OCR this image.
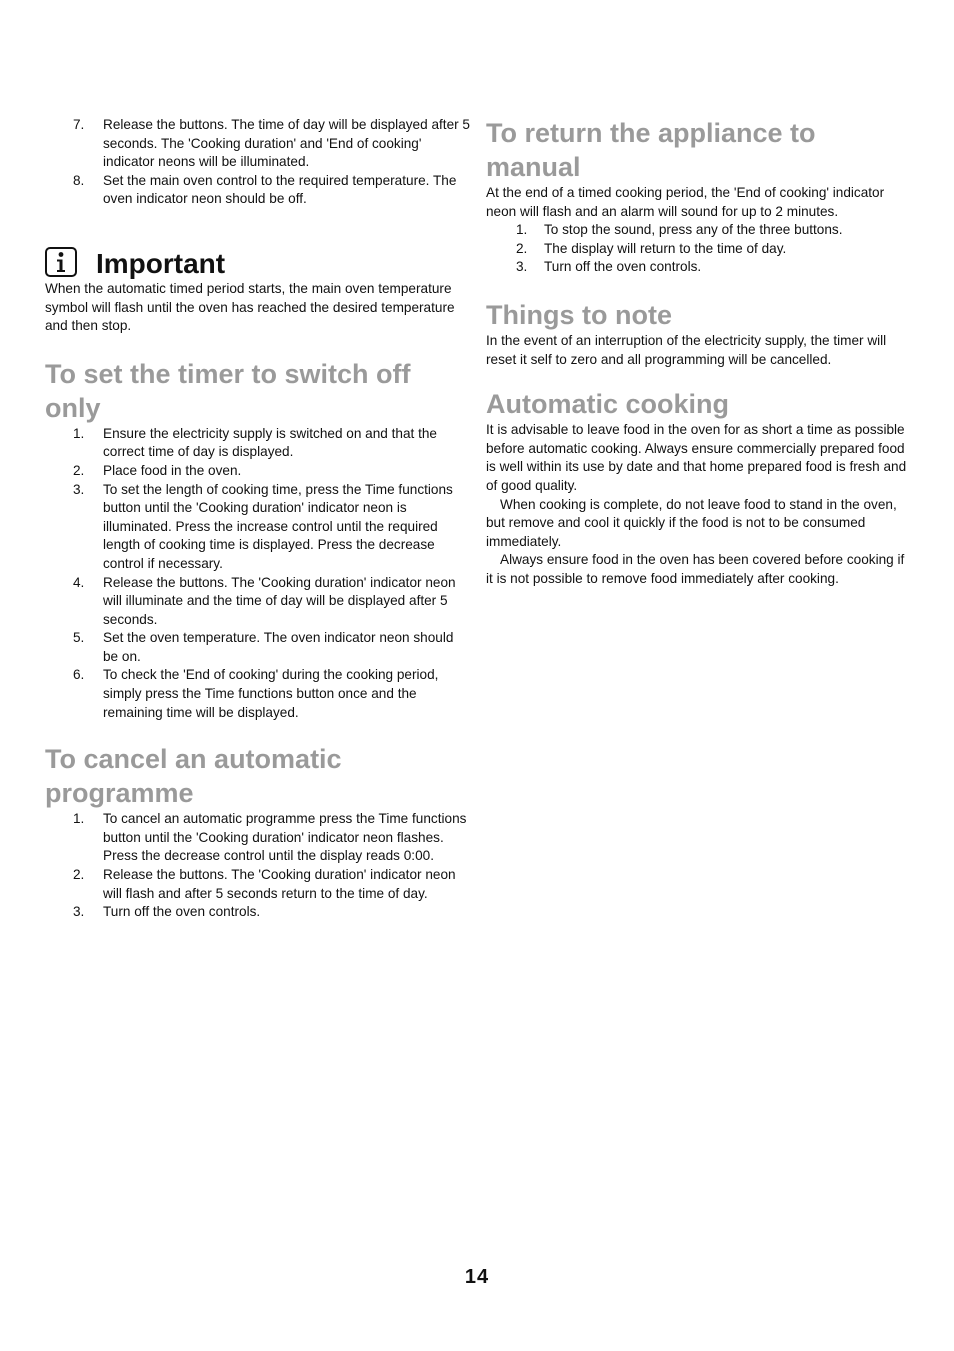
7. Release the buttons. The time of day will be displayed after 5 seconds. The 'Cooking duration' and 'End of cooking' indicator neons will be illuminated.
8. Set the main oven control to the required temperature. The oven indicator neon should be off.
Important

When the automatic timed period starts, the main oven temperature symbol will flash until the oven has reached the desired temperature and then stop.

To set the timer to switch off only
1. Ensure the electricity supply is switched on and that the correct time of day is displayed.
2. Place food in the oven.
3. To set the length of cooking time, press the Time functions button until the 'Cooking duration' indicator neon is illuminated. Press the increase control until the required length of cooking time is displayed. Press the decrease control if necessary.
4. Release the buttons. The 'Cooking duration' indicator neon will illuminate and the time of day will be displayed after 5 seconds.
5. Set the oven temperature. The oven indicator neon should be on.
6. To check the 'End of cooking' during the cooking period, simply press the Time functions button once and the remaining time will be displayed.
To cancel an automatic programme
1. To cancel an automatic programme press the Time functions button until the 'Cooking duration' indicator neon flashes. Press the decrease control until the display reads 0:00.
2. Release the buttons. The 'Cooking duration' indicator neon will flash and after 5 seconds return to the time of day.
3. Turn off the oven controls.
To return the appliance to manual

At the end of a timed cooking period, the 'End of cooking' indicator neon will flash and an alarm will sound for up to 2 minutes.

1. To stop the sound, press any of the three buttons.
2. The display will return to the time of day.
3. Turn off the oven controls.
Things to note

In the event of an interruption of the electricity supply, the timer will reset it self to zero and all programming will be cancelled.

Automatic cooking

It is advisable to leave food in the oven for as short a time as possible before automatic cooking. Always ensure commercially prepared food is well within its use by date and that home prepared food is fresh and of good quality.

When cooking is complete, do not leave food to stand in the oven, but remove and cool it quickly if the food is not to be consumed immediately.

Always ensure food in the oven has been covered before cooking if it is not possible to remove food immediately after cooking.

14
